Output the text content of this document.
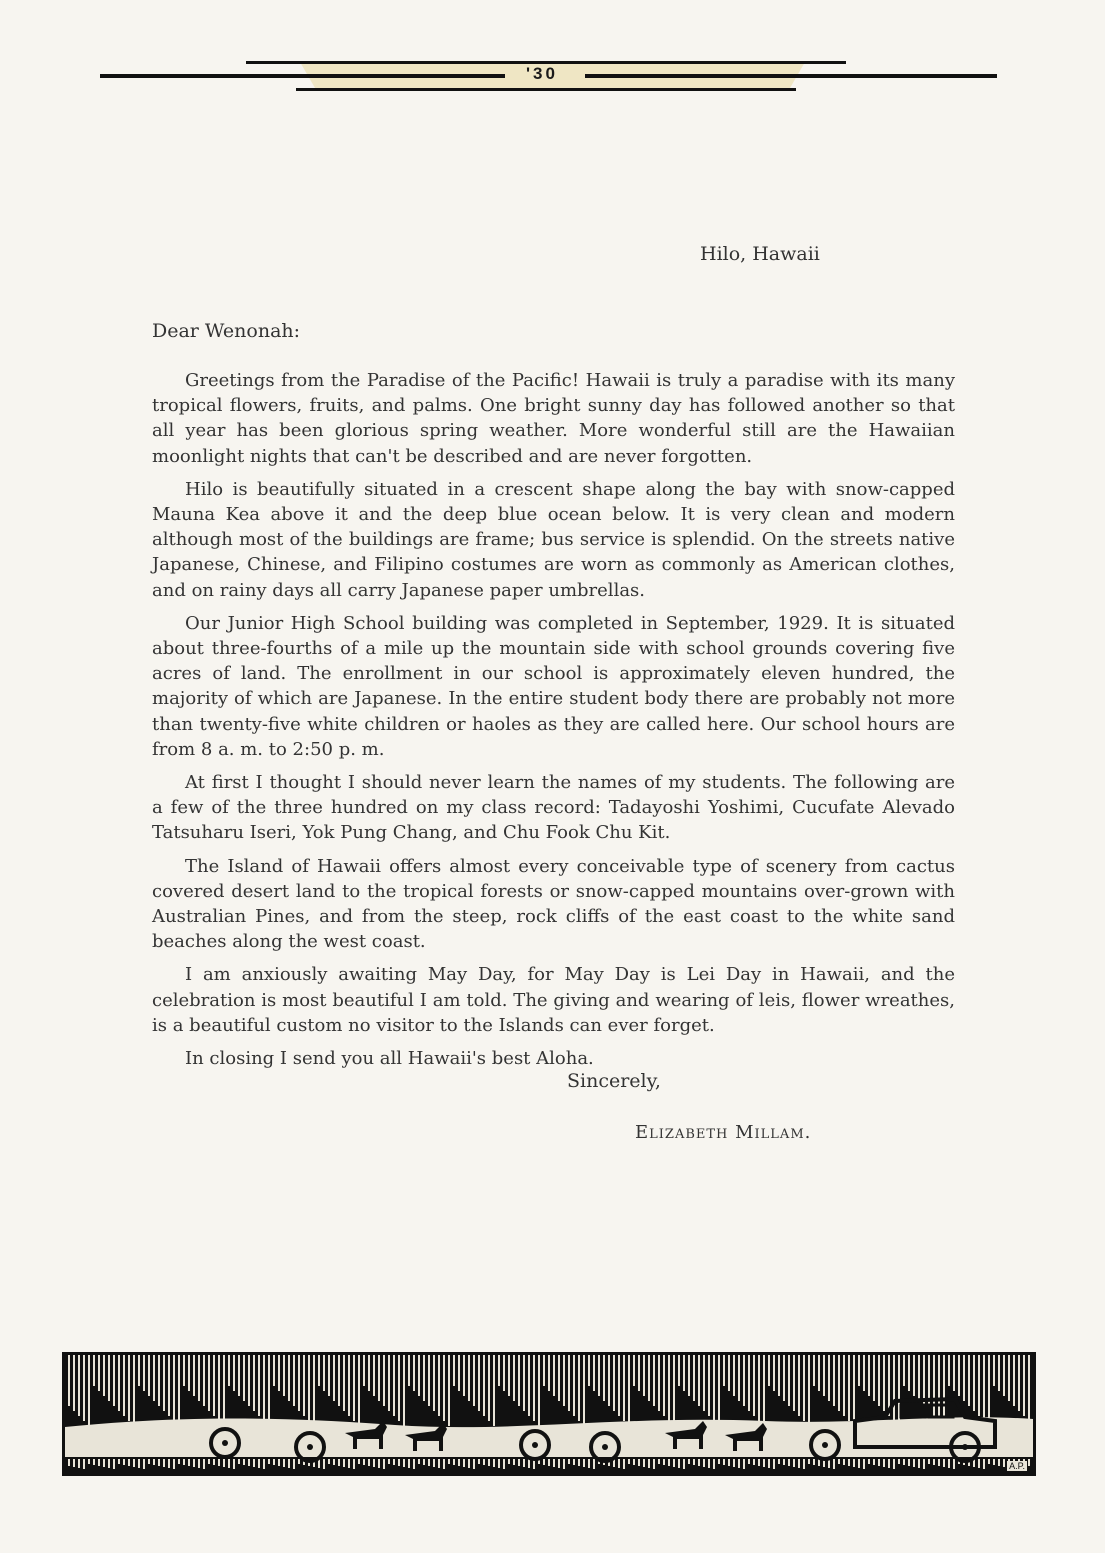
'30
Hilo, Hawaii
Dear Wenonah:

Greetings from the Paradise of the Pacific! Hawaii is truly a paradise with its many tropical flowers, fruits, and palms. One bright sunny day has followed another so that all year has been glorious spring weather. More wonderful still are the Hawaiian moonlight nights that can't be described and are never forgotten.

Hilo is beautifully situated in a crescent shape along the bay with snow-capped Mauna Kea above it and the deep blue ocean below. It is very clean and modern although most of the buildings are frame; bus service is splendid. On the streets native Japanese, Chinese, and Filipino costumes are worn as commonly as American clothes, and on rainy days all carry Japanese paper umbrellas.

Our Junior High School building was completed in September, 1929. It is situated about three-fourths of a mile up the mountain side with school grounds covering five acres of land. The enrollment in our school is approximately eleven hundred, the majority of which are Japanese. In the entire student body there are probably not more than twenty-five white children or haoles as they are called here. Our school hours are from 8 a. m. to 2:50 p. m.

At first I thought I should never learn the names of my students. The following are a few of the three hundred on my class record: Tadayoshi Yoshimi, Cucufate Alevado Tatsuharu Iseri, Yok Pung Chang, and Chu Fook Chu Kit.

The Island of Hawaii offers almost every conceivable type of scenery from cactus covered desert land to the tropical forests or snow-capped mountains over-grown with Australian Pines, and from the steep, rock cliffs of the east coast to the white sand beaches along the west coast.

I am anxiously awaiting May Day, for May Day is Lei Day in Hawaii, and the celebration is most beautiful I am told. The giving and wearing of leis, flower wreathes, is a beautiful custom no visitor to the Islands can ever forget.

In closing I send you all Hawaii's best Aloha.

Sincerely,
Elizabeth Millam.
A.P.
